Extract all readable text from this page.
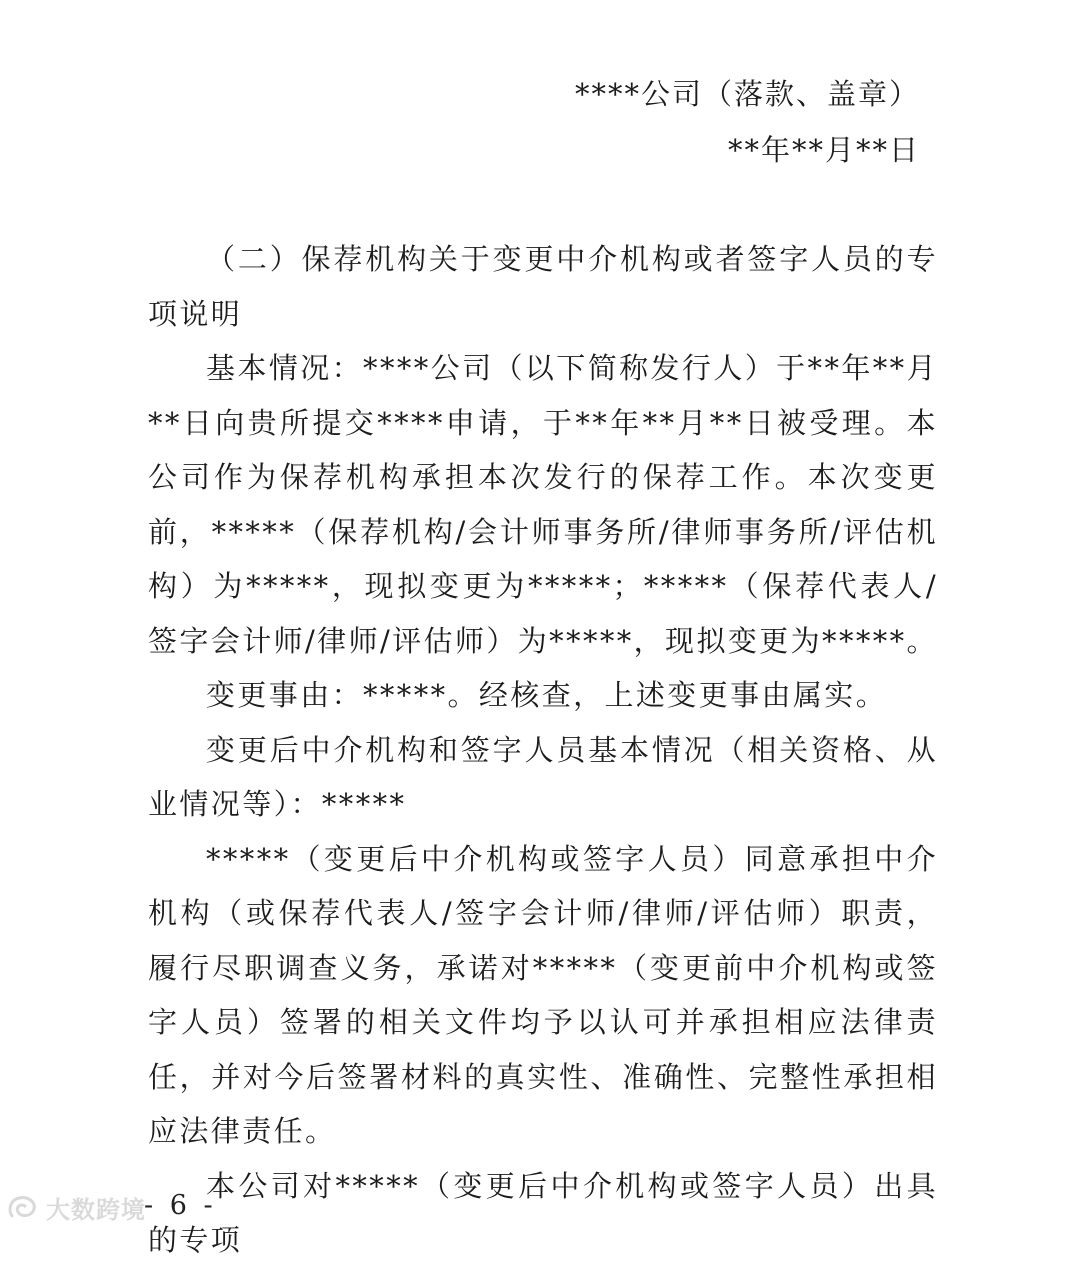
****公司（落款、盖章）
**年**月**日

（二）保荐机构关于变更中介机构或者签字人员的专项说明

基本情况：****公司（以下简称发行人）于**年**月**日向贵所提交****申请，于**年**月**日被受理。本公司作为保荐机构承担本次发行的保荐工作。本次变更前，*****（保荐机构/会计师事务所/律师事务所/评估机构）为*****，现拟变更为*****；*****（保荐代表人/签字会计师/律师/评估师）为*****，现拟变更为*****。

变更事由：*****。经核查，上述变更事由属实。

变更后中介机构和签字人员基本情况（相关资格、从业情况等）：*****

*****（变更后中介机构或签字人员）同意承担中介机构（或保荐代表人/签字会计师/律师/评估师）职责，履行尽职调查义务，承诺对*****（变更前中介机构或签字人员）签署的相关文件均予以认可并承担相应法律责任，并对今后签署材料的真实性、准确性、完整性承担相应法律责任。

本公司对*****（变更后中介机构或签字人员）出具的专项

大数跨境
- 6 -
